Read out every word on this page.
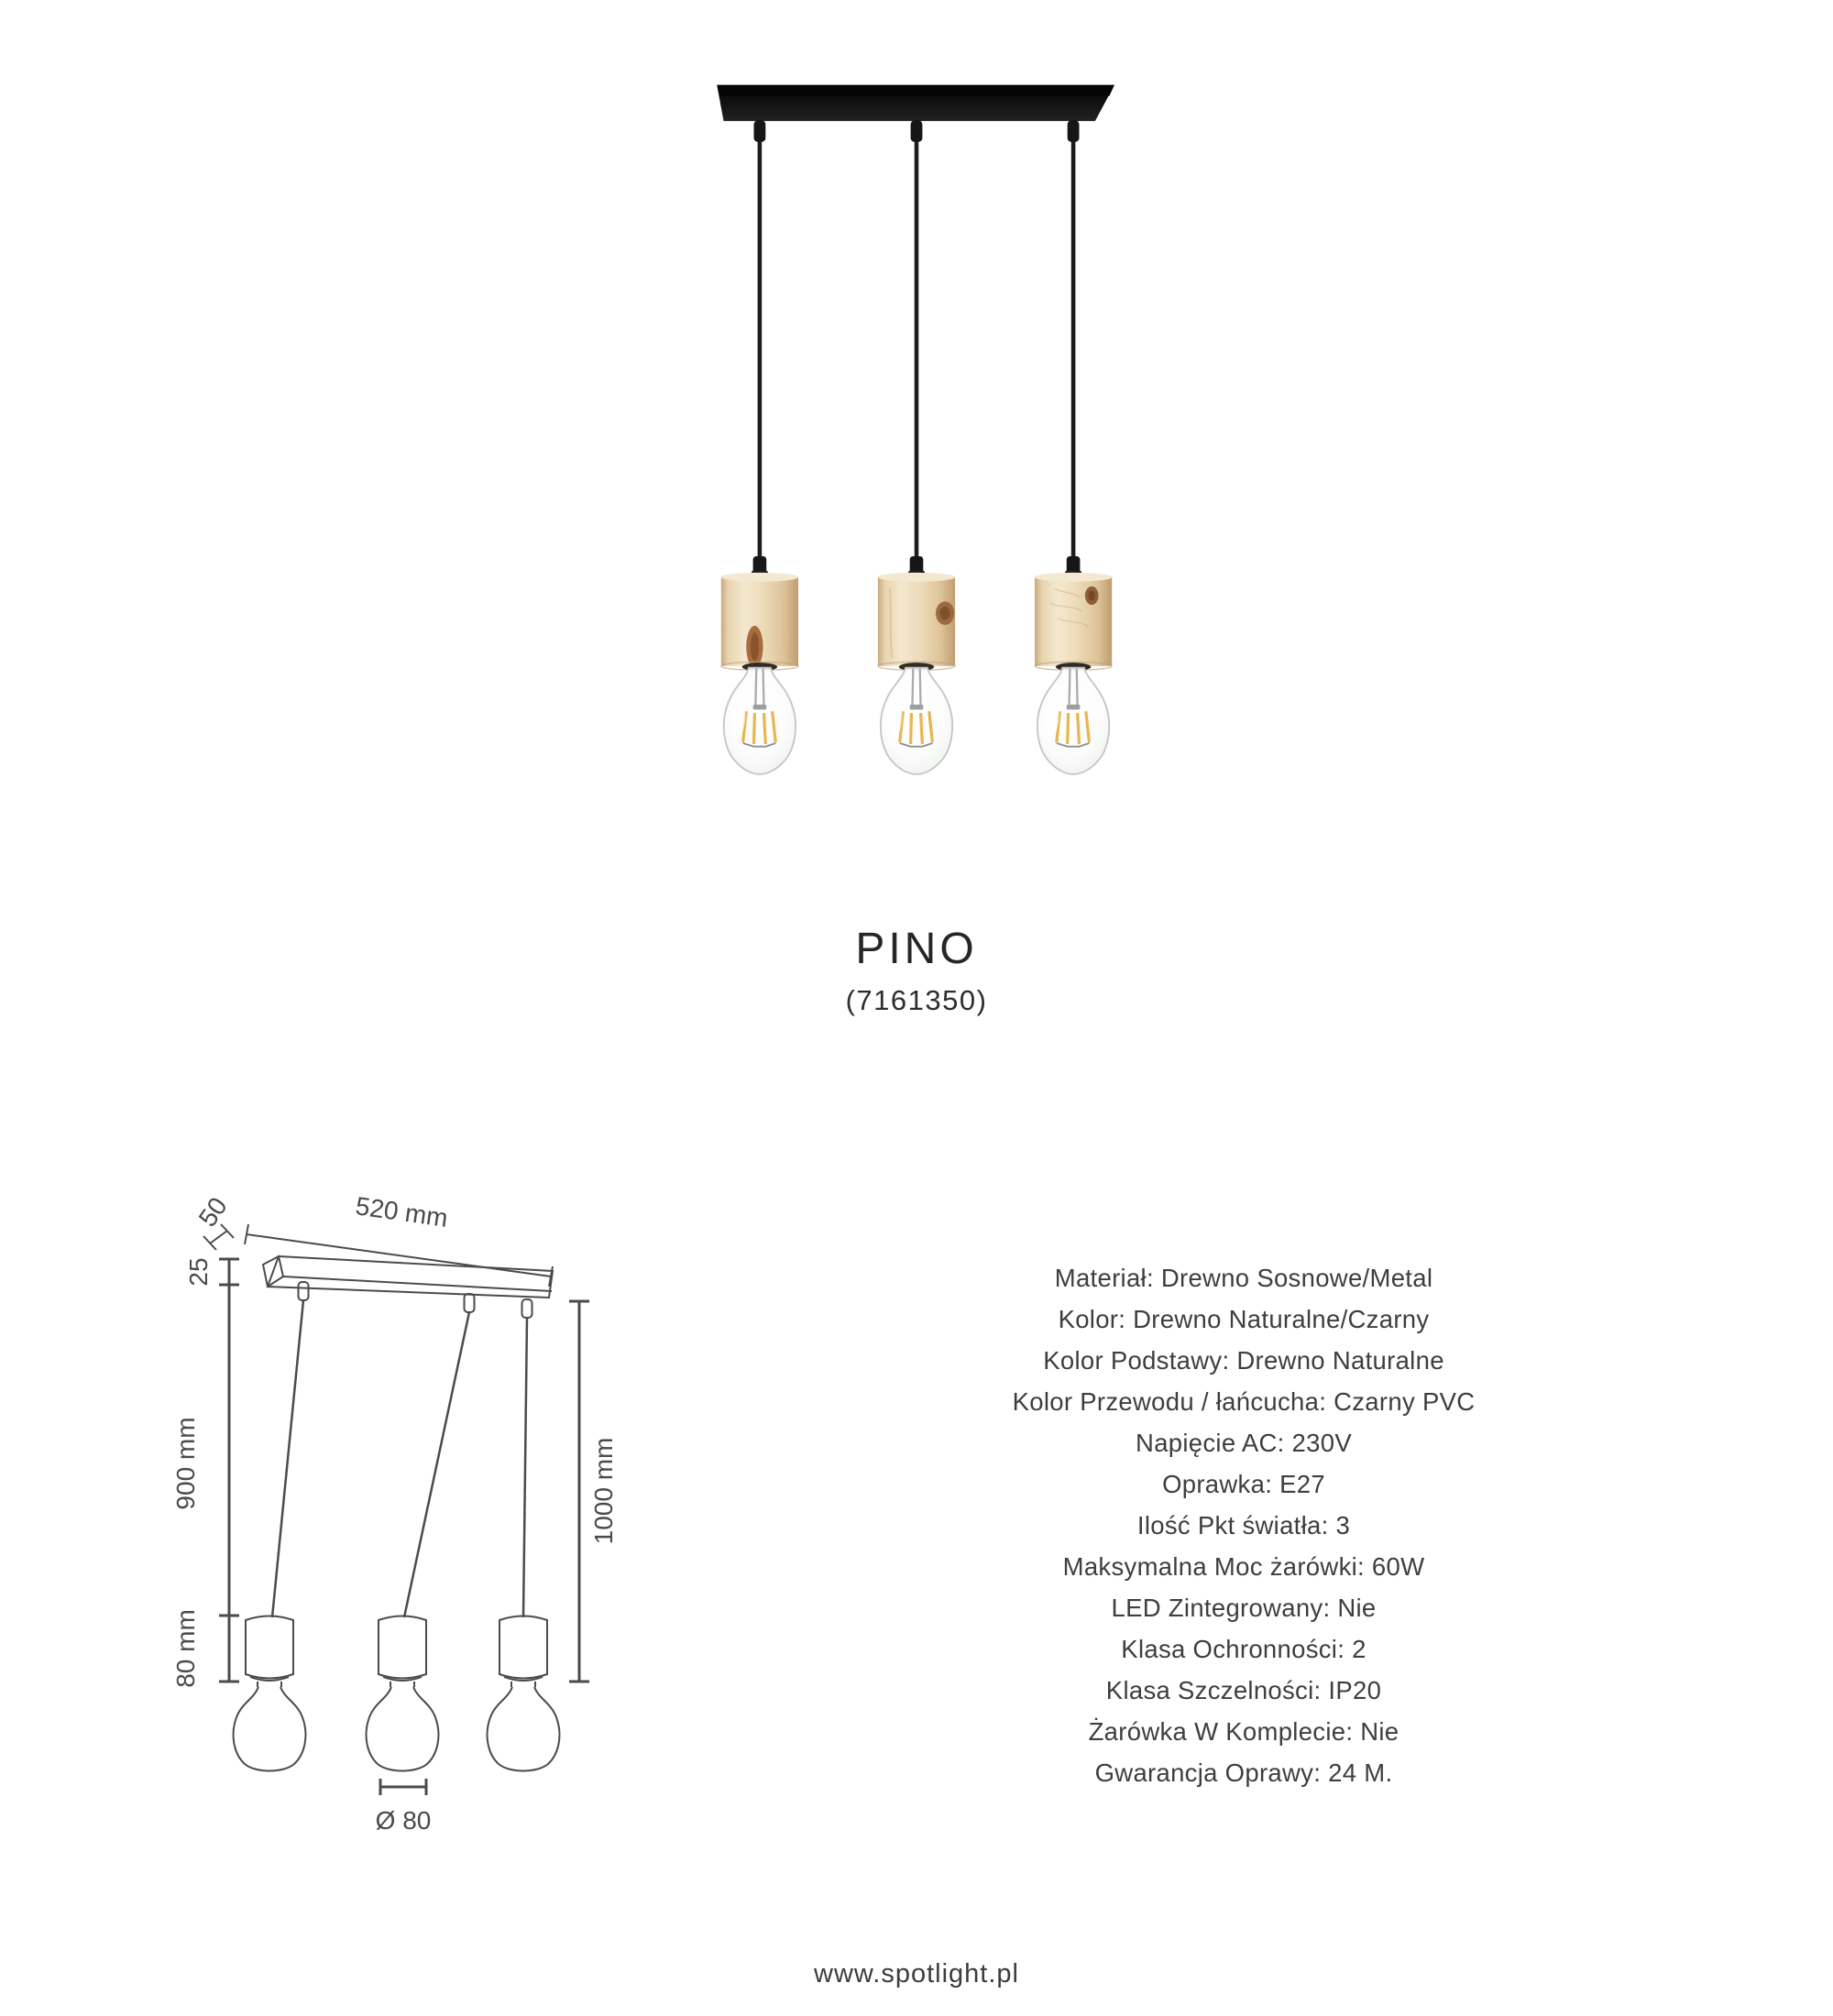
PINO
(7161350)
520 mm
50
25
900 mm
80 mm
1000 mm
Ø 80
Materiał: Drewno Sosnowe/Metal
Kolor: Drewno Naturalne/Czarny
Kolor Podstawy: Drewno Naturalne
Kolor Przewodu / łańcucha: Czarny PVC
Napięcie AC: 230V
Oprawka: E27
Ilość Pkt światła: 3
Maksymalna Moc żarówki: 60W
LED Zintegrowany: Nie
Klasa Ochronności: 2
Klasa Szczelności: IP20
Żarówka W Komplecie: Nie
Gwarancja Oprawy: 24 M.
www.spotlight.pl
